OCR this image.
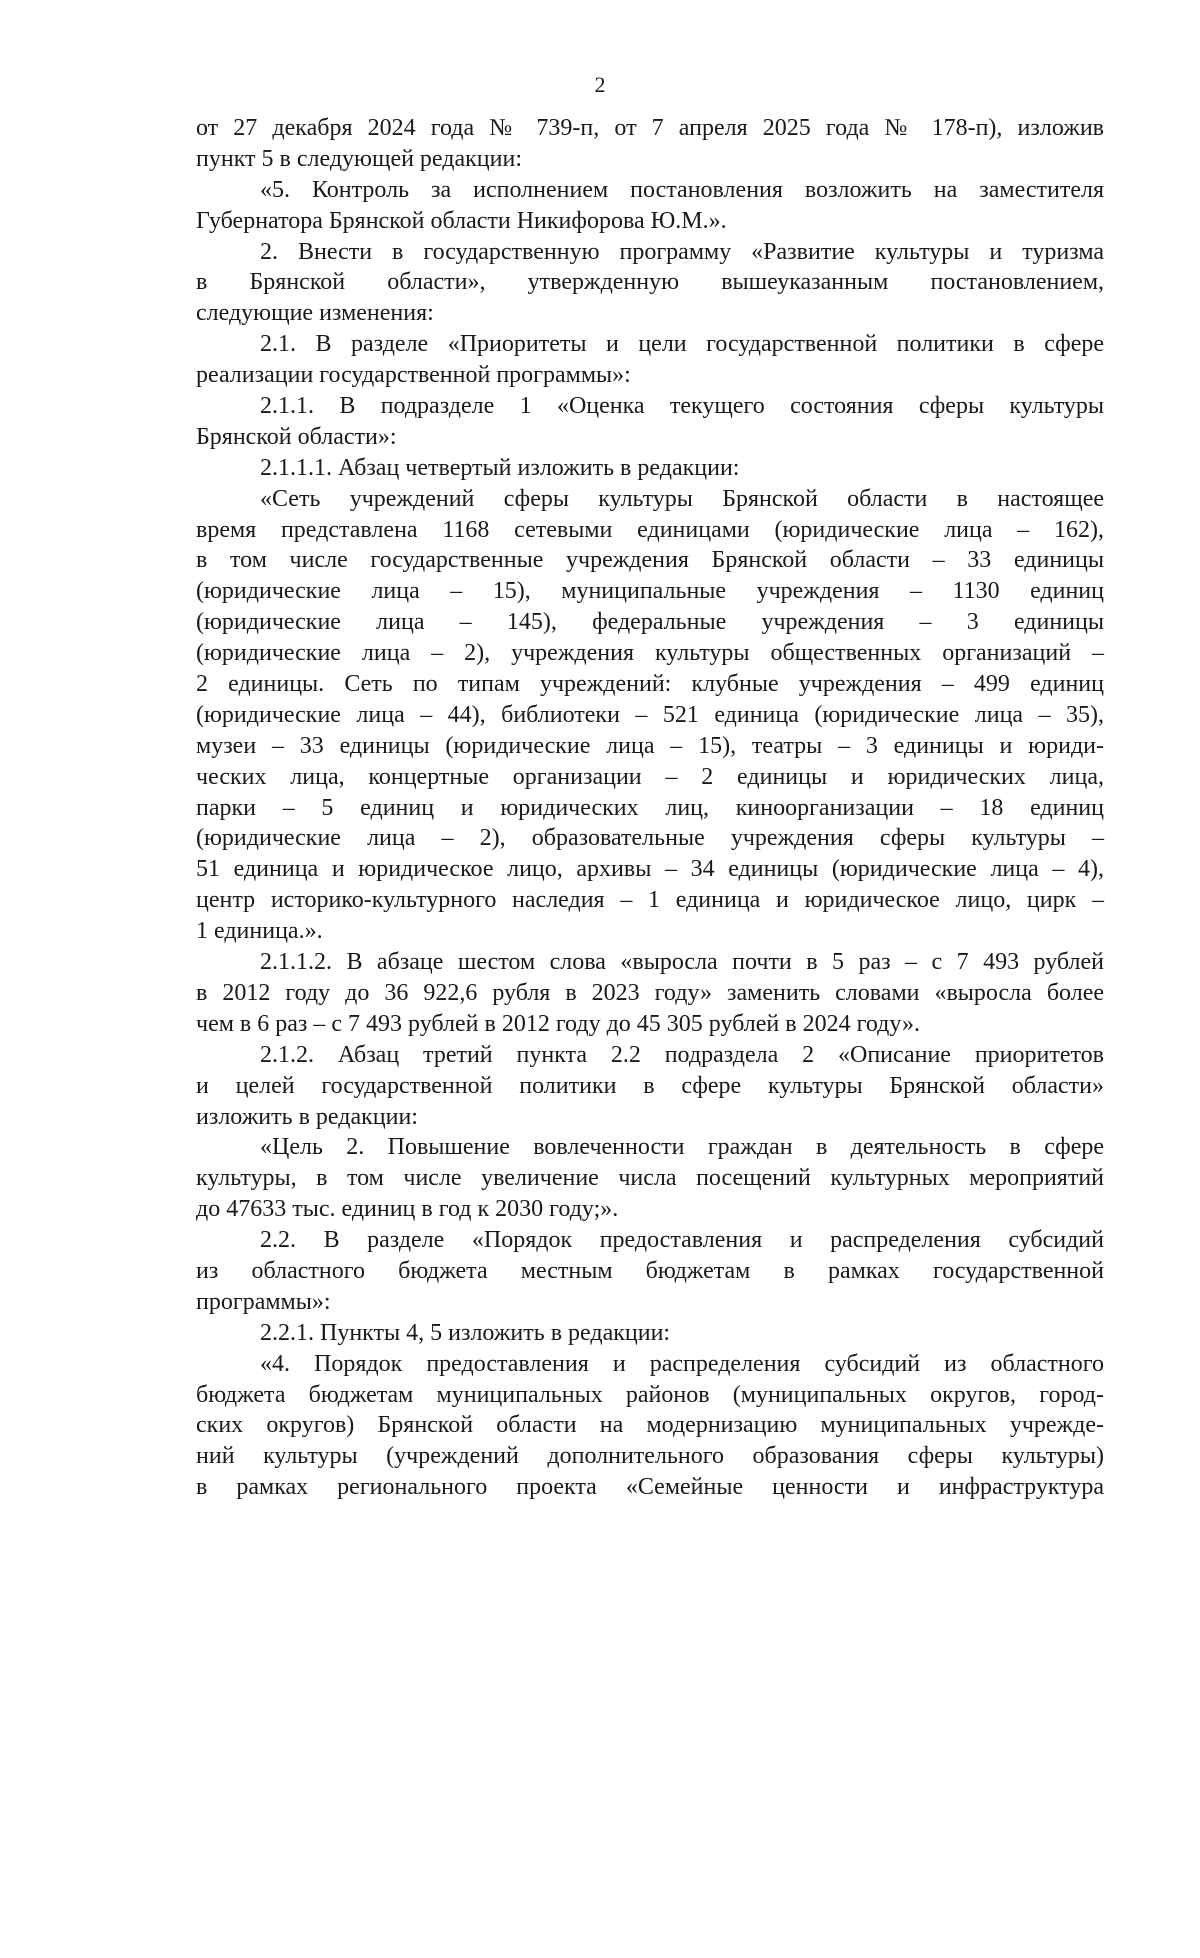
2
от 27 декабря 2024 года № 739-п, от 7 апреля 2025 года № 178-п), изложив
пункт 5 в следующей редакции:
«5. Контроль за исполнением постановления возложить на заместителя
Губернатора Брянской области Никифорова Ю.М.».
2. Внести в государственную программу «Развитие культуры и туризма
в Брянской области», утвержденную вышеуказанным постановлением,
следующие изменения:
2.1. В разделе «Приоритеты и цели государственной политики в сфере
реализации государственной программы»:
2.1.1. В подразделе 1 «Оценка текущего состояния сферы культуры
Брянской области»:
2.1.1.1. Абзац четвертый изложить в редакции:
«Сеть учреждений сферы культуры Брянской области в настоящее
время представлена 1168 сетевыми единицами (юридические лица – 162),
в том числе государственные учреждения Брянской области – 33 единицы
(юридические лица – 15), муниципальные учреждения – 1130 единиц
(юридические лица – 145), федеральные учреждения – 3 единицы
(юридические лица – 2), учреждения культуры общественных организаций –
2 единицы. Сеть по типам учреждений: клубные учреждения – 499 единиц
(юридические лица – 44), библиотеки – 521 единица (юридические лица – 35),
музеи – 33 единицы (юридические лица – 15), театры – 3 единицы и юриди-
ческих лица, концертные организации – 2 единицы и юридических лица,
парки – 5 единиц и юридических лиц, киноорганизации – 18 единиц
(юридические лица – 2), образовательные учреждения сферы культуры –
51 единица и юридическое лицо, архивы – 34 единицы (юридические лица – 4),
центр историко-культурного наследия – 1 единица и юридическое лицо, цирк –
1 единица.».
2.1.1.2. В абзаце шестом слова «выросла почти в 5 раз – с 7 493 рублей
в 2012 году до 36 922,6 рубля в 2023 году» заменить словами «выросла более
чем в 6 раз – с 7 493 рублей в 2012 году до 45 305 рублей в 2024 году».
2.1.2. Абзац третий пункта 2.2 подраздела 2 «Описание приоритетов
и целей государственной политики в сфере культуры Брянской области»
изложить в редакции:
«Цель 2. Повышение вовлеченности граждан в деятельность в сфере
культуры, в том числе увеличение числа посещений культурных мероприятий
до 47633 тыс. единиц в год к 2030 году;».
2.2. В разделе «Порядок предоставления и распределения субсидий
из областного бюджета местным бюджетам в рамках государственной
программы»:
2.2.1. Пункты 4, 5 изложить в редакции:
«4. Порядок предоставления и распределения субсидий из областного
бюджета бюджетам муниципальных районов (муниципальных округов, город-
ских округов) Брянской области на модернизацию муниципальных учрежде-
ний культуры (учреждений дополнительного образования сферы культуры)
в рамках регионального проекта «Семейные ценности и инфраструктура
